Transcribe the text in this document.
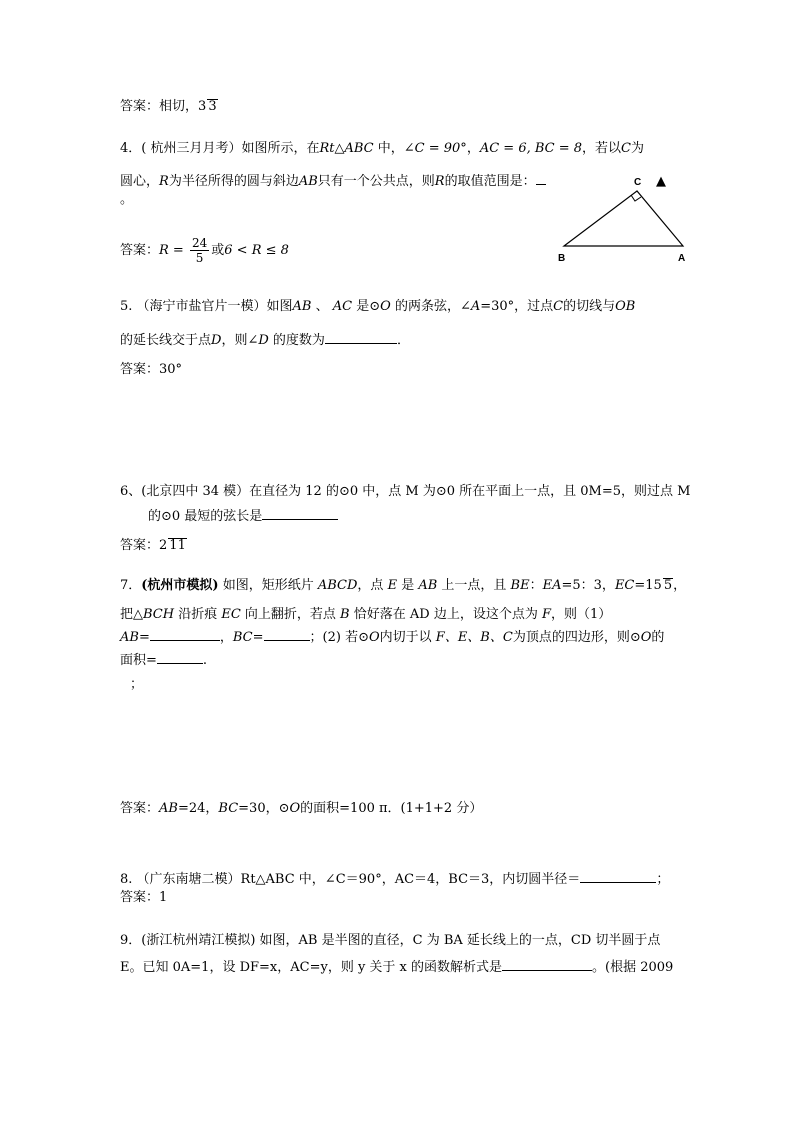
答案：相切，3 3
4．( 杭州三月月考）如图所示，在Rt△ABC 中，∠C = 90°，AC = 6, BC = 8，若以C为
圆心，R为半径所得的圆与斜边AB只有一个公共点，则R的取值范围是：
。
答案：$R = \frac{24}{5}$ 或6 < R ≤ 8
C
B	A
▲
5. （海宁市盐官片一模）如图AB 、 AC 是⊙O 的两条弦，∠A=30°，过点C的切线与OB
的延长线交于点D，则∠D 的度数为	．
答案：30°
6、(北京四中 34 模）在直径为 12 的⊙0 中，点 M 为⊙0 所在平面上一点，且 0M=5，则过点 M
的⊙0 最短的弦长是
答案：2 11
7．(杭州市模拟) 如图，矩形纸片 ABCD，点 E 是 AB 上一点，且 BE：EA=5：3，EC=15 5，
把△BCH 沿折痕 EC 向上翻折，若点 B 恰好落在 AD 边上，设这个点为 F，则（1）
AB=	，BC=	；(2) 若⊙O内切于以 F、E、B、C为顶点的四边形，则⊙O的
面积=	.
；
答案：AB=24，BC=30，⊙O的面积=100 π．(1+1+2 分）
8. （广东南塘二模）Rt△ABC 中，∠C＝90°，AC＝4，BC＝3，内切圆半径＝	；
答案：1
9．(浙江杭州靖江模拟) 如图，AB 是半图的直径，C 为 BA 延长线上的一点，CD 切半圆于点
E。已知 0A=1，设 DF=x，AC=y，则 y 关于 x 的函数解析式是	。(根据 2009
